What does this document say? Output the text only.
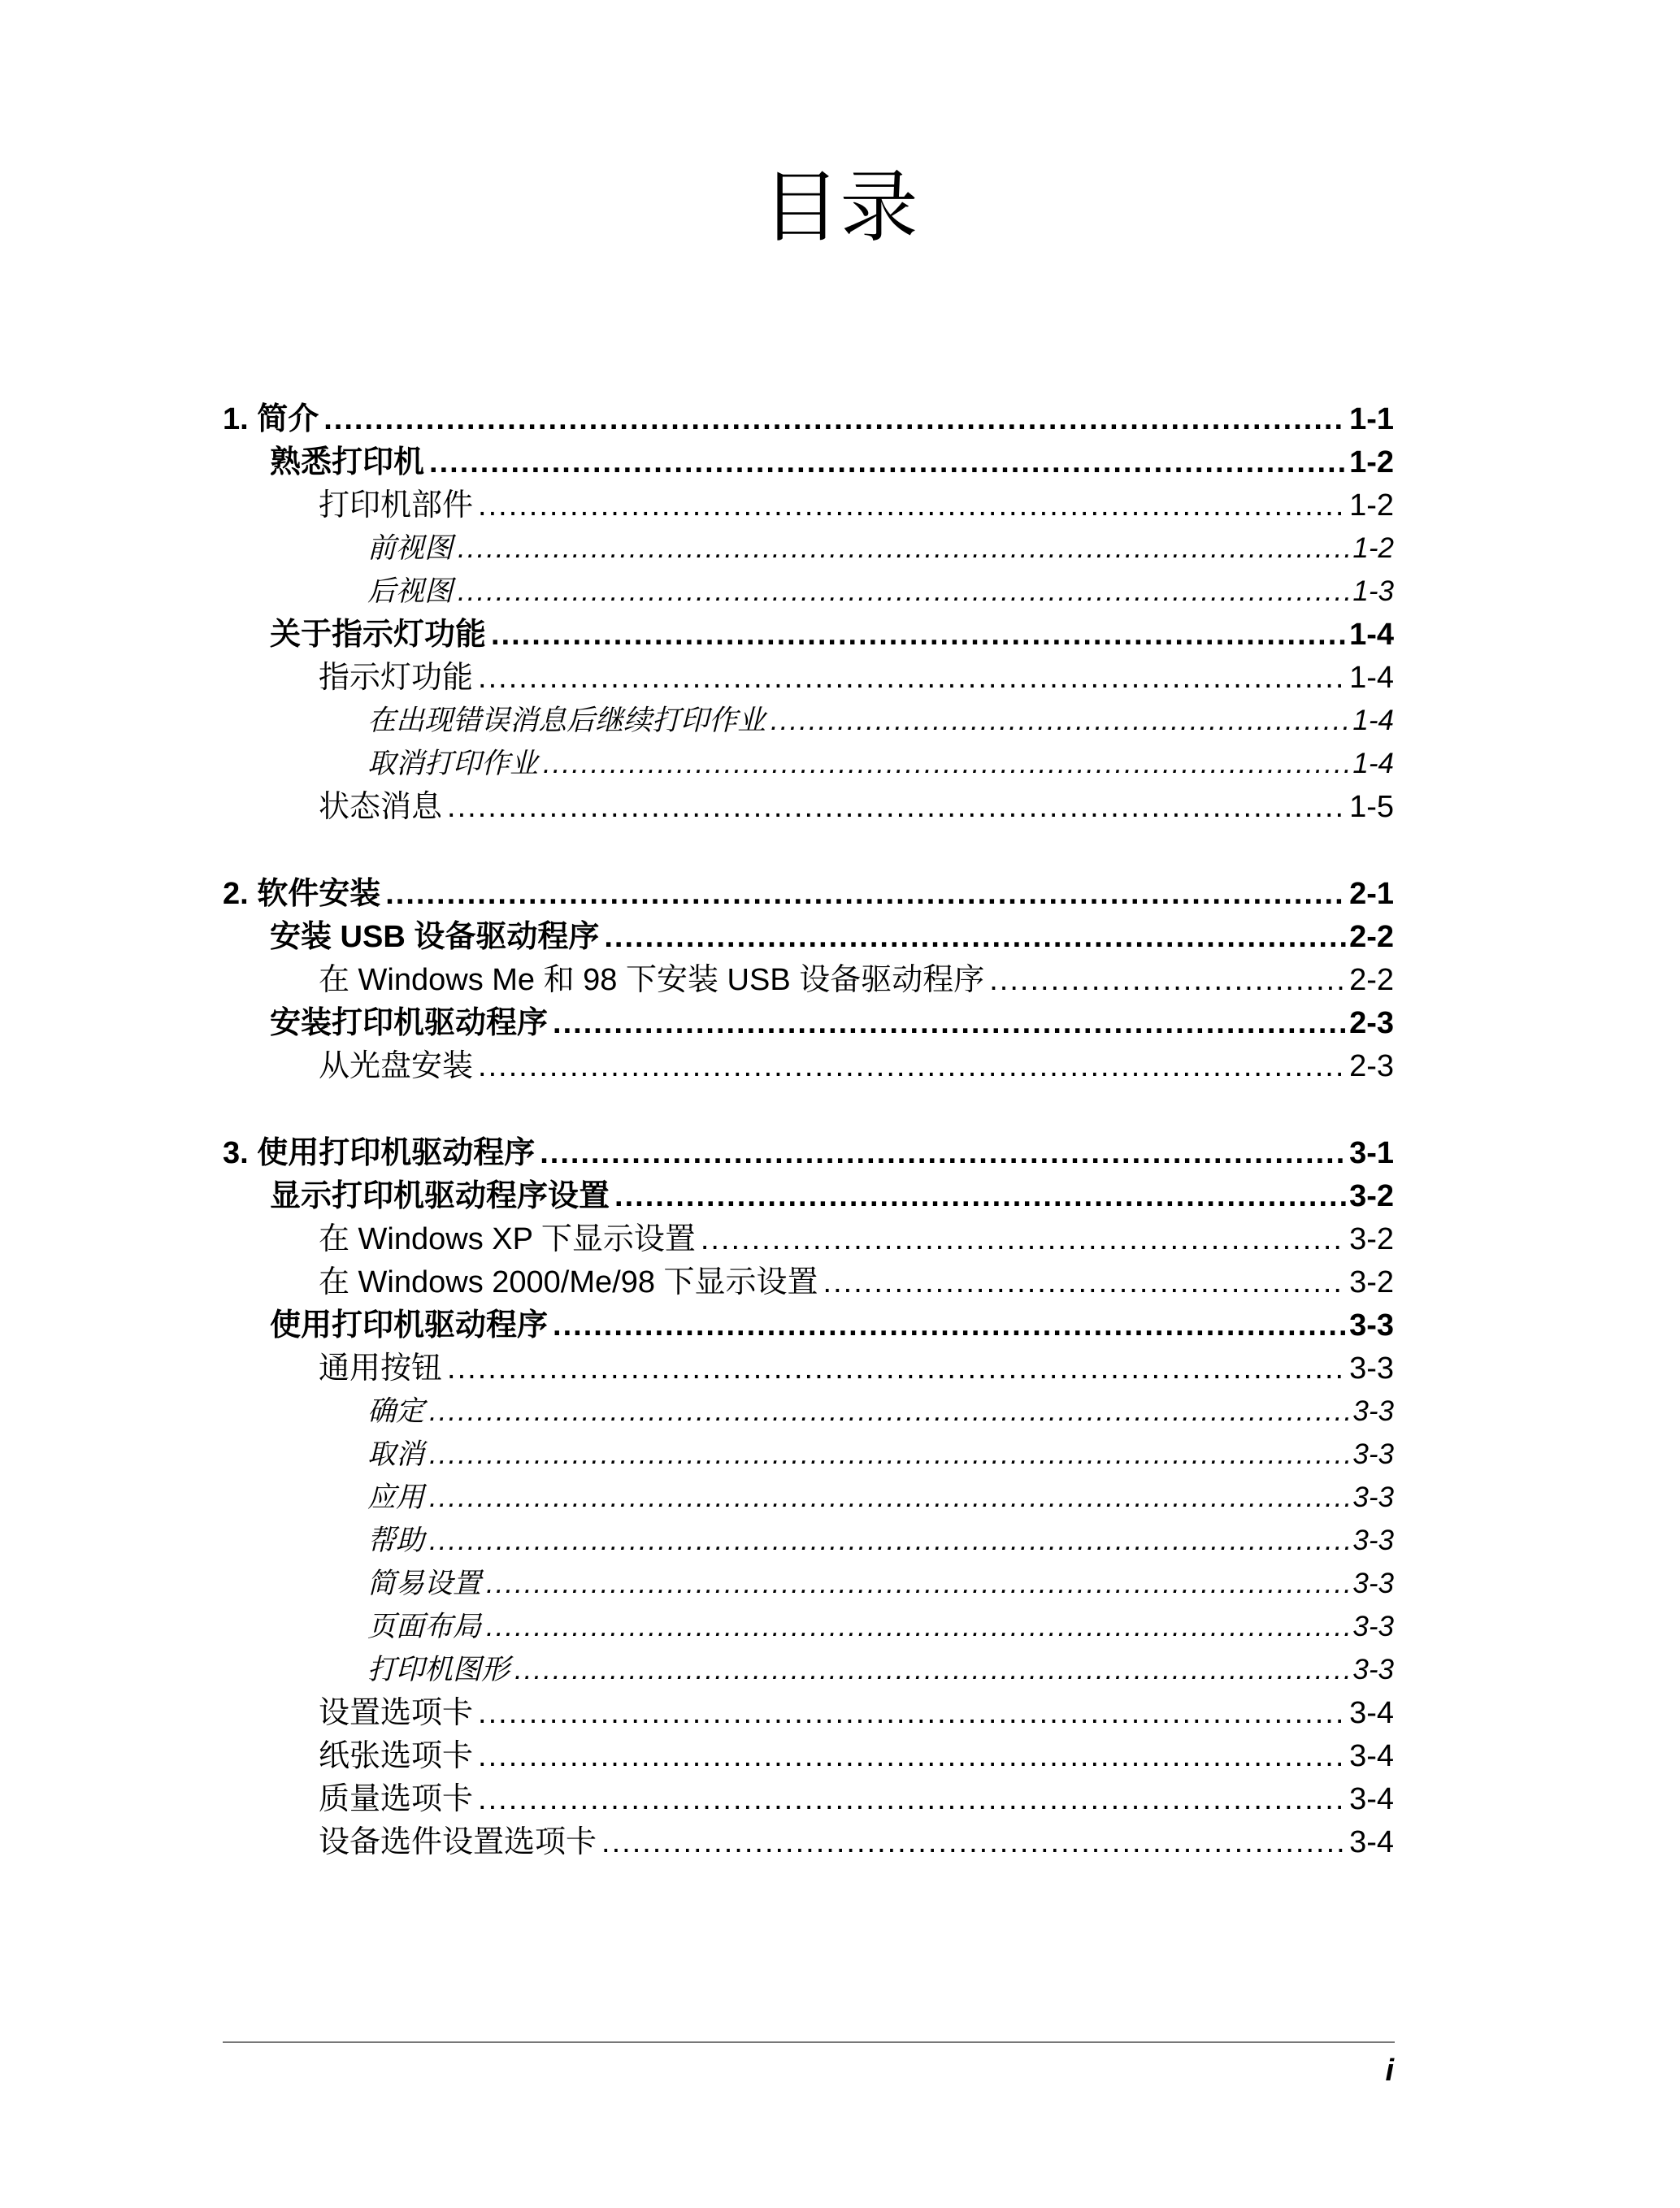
目录
1. 简介 .....	1-1
熟悉打印机 .....	1-2
打印机部件 .....	1-2
前视图 .....	1-2
后视图 .....	1-3
关于指示灯功能 .....	1-4
指示灯功能 .....	1-4
在出现错误消息后继续打印作业 .....	1-4
取消打印作业 .....	1-4
状态消息 .....	1-5
2. 软件安装 .....	2-1
安装 USB 设备驱动程序 .....	2-2
在 Windows Me 和 98 下安装 USB 设备驱动程序 .....	2-2
安装打印机驱动程序 .....	2-3
从光盘安装 .....	2-3
3. 使用打印机驱动程序 .....	3-1
显示打印机驱动程序设置 .....	3-2
在 Windows XP 下显示设置 .....	3-2
在 Windows 2000/Me/98 下显示设置 .....	3-2
使用打印机驱动程序 .....	3-3
通用按钮 .....	3-3
确定 .....	3-3
取消 .....	3-3
应用 .....	3-3
帮助 .....	3-3
简易设置 .....	3-3
页面布局 .....	3-3
打印机图形 .....	3-3
设置选项卡 .....	3-4
纸张选项卡 .....	3-4
质量选项卡 .....	3-4
设备选件设置选项卡 .....	3-4
i
